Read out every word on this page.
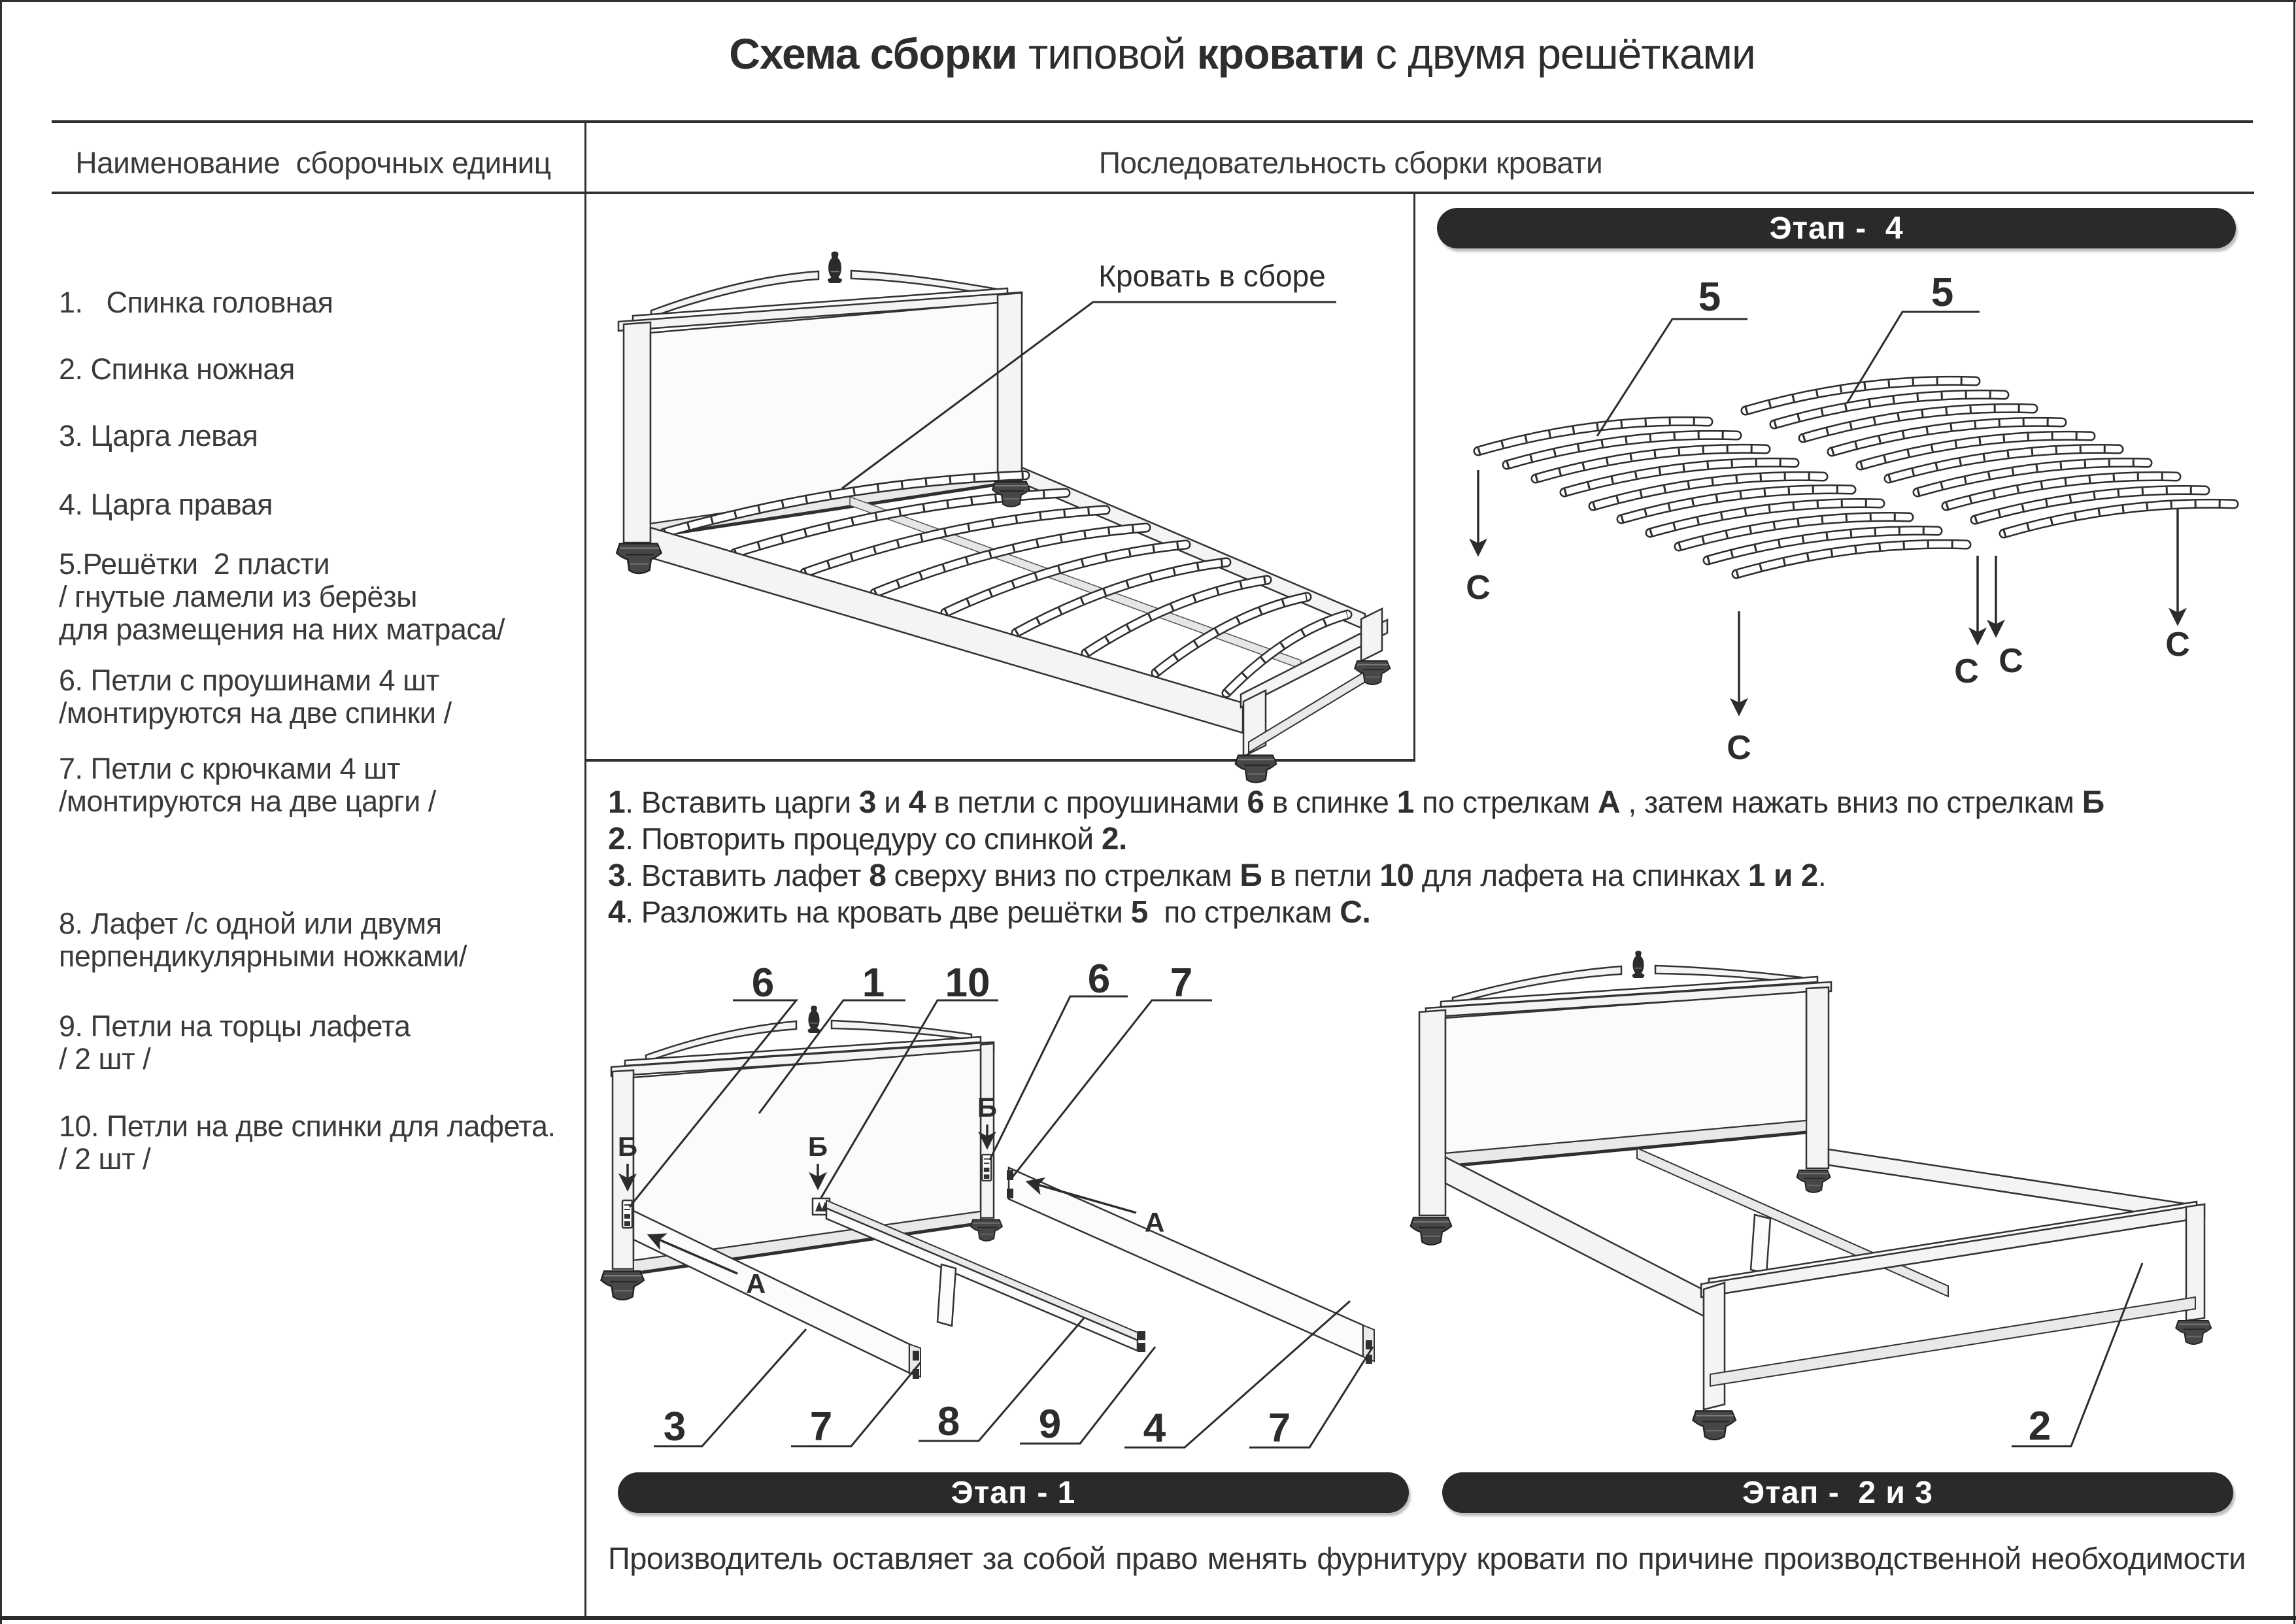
Схема сборки типовой кровати с двумя решётками
Наименование  сборочных единиц	Последовательность сборки кровати
1.   Спинка головная
2. Спинка ножная
3. Царга левая
4. Царга правая
5.Решётки  2 пласти
/ гнутые ламели из берёзы
для размещения на них матраса/
6. Петли с проушинами 4 шт
/монтируются на две спинки /
7. Петли с крючками 4 шт
/монтируются на две царги /
8. Лафет /с одной или двумя
перпендикулярными ножками/
9. Петли на торцы лафета
/ 2 шт /
10. Петли на две спинки для лафета.
/ 2 шт /
Кровать в сборе	5	5
С
С
С С	С
1. Вставить царги 3 и 4 в петли с проушинами 6 в спинке 1 по стрелкам А , затем нажать вниз по стрелкам Б
2. Повторить процедуру со спинкой 2.
3. Вставить лафет 8 сверху вниз по стрелкам Б в петли 10 для лафета на спинках 1 и 2.
4. Разложить на кровать две решётки 5  по стрелкам С.
А
А
Б	Б
Б
6 1 10 6 7
3	7	8 9 4	7	2
Этап -  4
Этап - 1	Этап -  2 и 3
Производитель оставляет за собой право менять фурнитуру кровати по причине производственной необходимости
